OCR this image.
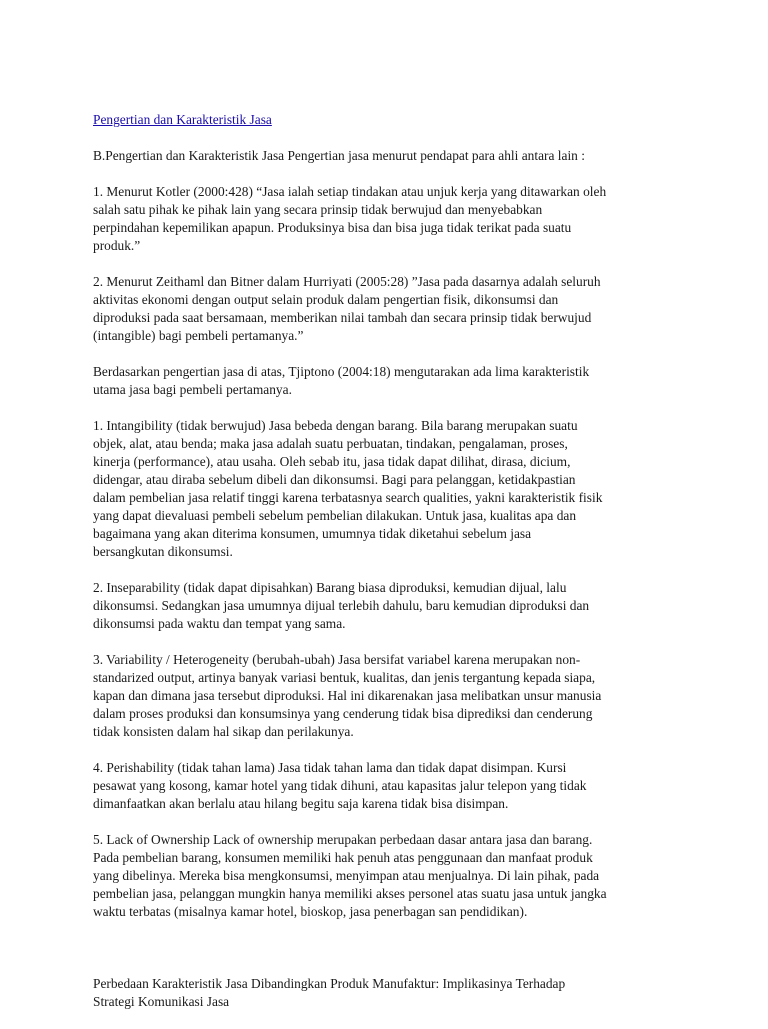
Pengertian dan Karakteristik Jasa

B.Pengertian dan Karakteristik Jasa Pengertian jasa menurut pendapat para ahli antara lain :

1. Menurut Kotler (2000:428) “Jasa ialah setiap tindakan atau unjuk kerja yang ditawarkan oleh
salah satu pihak ke pihak lain yang secara prinsip tidak berwujud dan menyebabkan
perpindahan kepemilikan apapun. Produksinya bisa dan bisa juga tidak terikat pada suatu
produk.”

2. Menurut Zeithaml dan Bitner dalam Hurriyati (2005:28) ”Jasa pada dasarnya adalah seluruh
aktivitas ekonomi dengan output selain produk dalam pengertian fisik, dikonsumsi dan
diproduksi pada saat bersamaan, memberikan nilai tambah dan secara prinsip tidak berwujud
(intangible) bagi pembeli pertamanya.”

Berdasarkan pengertian jasa di atas, Tjiptono (2004:18) mengutarakan ada lima karakteristik
utama jasa bagi pembeli pertamanya.

1. Intangibility (tidak berwujud) Jasa bebeda dengan barang. Bila barang merupakan suatu
objek, alat, atau benda; maka jasa adalah suatu perbuatan, tindakan, pengalaman, proses,
kinerja (performance), atau usaha. Oleh sebab itu, jasa tidak dapat dilihat, dirasa, dicium,
didengar, atau diraba sebelum dibeli dan dikonsumsi. Bagi para pelanggan, ketidakpastian
dalam pembelian jasa relatif tinggi karena terbatasnya search qualities, yakni karakteristik fisik
yang dapat dievaluasi pembeli sebelum pembelian dilakukan. Untuk jasa, kualitas apa dan
bagaimana yang akan diterima konsumen, umumnya tidak diketahui sebelum jasa
bersangkutan dikonsumsi.

2. Inseparability (tidak dapat dipisahkan) Barang biasa diproduksi, kemudian dijual, lalu
dikonsumsi. Sedangkan jasa umumnya dijual terlebih dahulu, baru kemudian diproduksi dan
dikonsumsi pada waktu dan tempat yang sama.

3. Variability / Heterogeneity (berubah-ubah) Jasa bersifat variabel karena merupakan non-
standarized output, artinya banyak variasi bentuk, kualitas, dan jenis tergantung kepada siapa,
kapan dan dimana jasa tersebut diproduksi. Hal ini dikarenakan jasa melibatkan unsur manusia
dalam proses produksi dan konsumsinya yang cenderung tidak bisa diprediksi dan cenderung
tidak konsisten dalam hal sikap dan perilakunya.

4. Perishability (tidak tahan lama) Jasa tidak tahan lama dan tidak dapat disimpan. Kursi
pesawat yang kosong, kamar hotel yang tidak dihuni, atau kapasitas jalur telepon yang tidak
dimanfaatkan akan berlalu atau hilang begitu saja karena tidak bisa disimpan.

5. Lack of Ownership Lack of ownership merupakan perbedaan dasar antara jasa dan barang.
Pada pembelian barang, konsumen memiliki hak penuh atas penggunaan dan manfaat produk
yang dibelinya. Mereka bisa mengkonsumsi, menyimpan atau menjualnya. Di lain pihak, pada
pembelian jasa, pelanggan mungkin hanya memiliki akses personel atas suatu jasa untuk jangka
waktu terbatas (misalnya kamar hotel, bioskop, jasa penerbagan san pendidikan).

Perbedaan Karakteristik Jasa Dibandingkan Produk Manufaktur: Implikasinya Terhadap
Strategi Komunikasi Jasa
